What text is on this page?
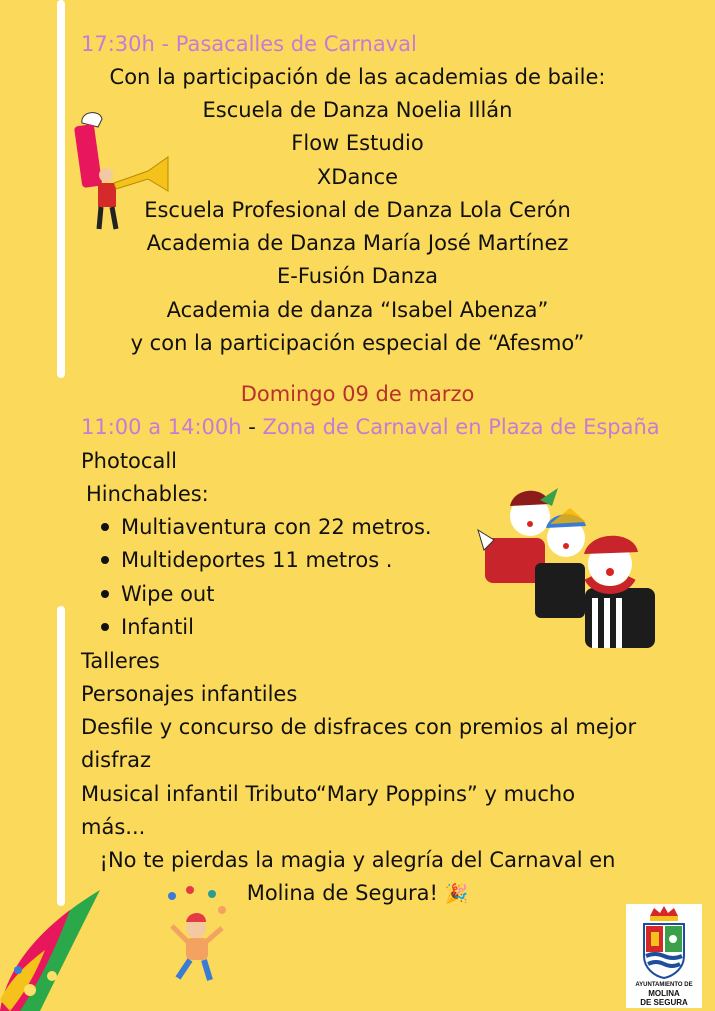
17:30h - Pasacalles de Carnaval
Con la participación de las academias de baile:
Escuela de Danza Noelia Illán
Flow Estudio
XDance
Escuela Profesional de Danza Lola Cerón
Academia de Danza María José Martínez
E-Fusión Danza
Academia de danza “Isabel Abenza”
y con la participación especial de “Afesmo”
Domingo 09 de marzo
11:00 a 14:00h - Zona de Carnaval en Plaza de España
Photocall
Hinchables:
Multiaventura con 22 metros.
Multideportes 11 metros .
Wipe out
Infantil
Talleres
Personajes infantiles
Desfile y concurso de disfraces con premios al mejor
disfraz
Musical infantil Tributo“Mary Poppins” y mucho
más...
¡No te pierdas la magia y alegría del Carnaval en
Molina de Segura! 🎉
AYUNTAMIENTO DE
MOLINA
DE SEGURA
